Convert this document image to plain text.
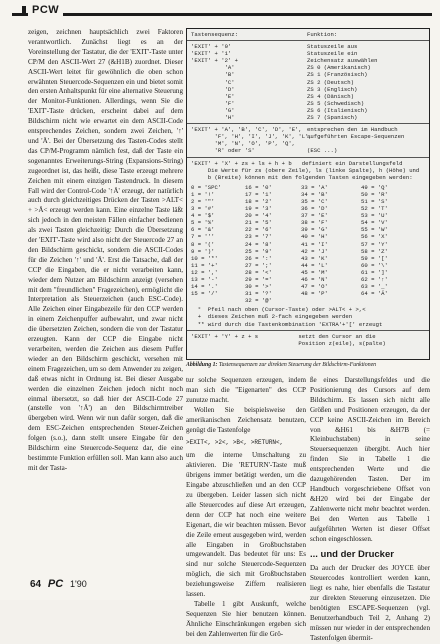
PCW

zeigen, zeichnen hauptsächlich zwei Faktoren verantwortlich. Zunächst liegt es an der Voreinstellung der Tastatur, die der 'EXIT'-Taste unter CP/M den ASCII-Wert 27 (&H1B) zuordnet. Dieser ASCII-Wert leitet für gewöhnlich die oben schon erwähnten Steuercode-Sequenzen ein und bietet somit den ersten Anhaltspunkt für eine alternative Steuerung der Monitor-Funktionen. Allerdings, wenn Sie die 'EXIT'-Taste drücken, erscheint dabei auf dem Bildschirm nicht wie erwartet ein dem ASCII-Code entsprechendes Zeichen, sondern zwei Zeichen, '↑' und 'Ä'. Bei der Übersetzung des Tasten-Codes stellt das CP/M-Programm nämlich fest, daß der Taste ein sogenanntes Erweiterungs-String (Expansions-String) zugeordnet ist, das heißt, diese Taste erzeugt mehrere Zeichen mit einem einzigen Tastendruck. In diesem Fall wird der Control-Code '↑Ä' erzeugt, der natürlich auch durch gleichzeitiges Drücken der Tasten >ALT< + >Ä< erzeugt werden kann. Eine einzelne Taste läßt sich jedoch in den meisten Fällen einfacher bedienen als zwei Tasten gleichzeitig: Durch die Übersetzung der 'EXIT'-Taste wird also nicht der Steuercode 27 an den Bildschirm geschickt, sondern die ASCII-Codes für die Zeichen '↑' und 'Ä'. Erst die Tatsache, daß der CCP die Eingaben, die er nicht verarbeiten kann, wieder dem Nutzer am Bildschirm anzeigt (versehen mit dem "freundlichen" Fragezeichen), ermöglicht die Interpretation als Steuerzeichen (auch ESC-Code). Alle Zeichen einer Eingabezeile für den CCP werden in einem Zeichenpuffer aufbewahrt, und zwar nicht die übersetzten Zeichen, sondern die von der Tastatur erzeugten. Kann der CCP die Eingabe nicht verarbeiten, werden die Zeichen aus diesem Puffer wieder an den Bildschirm geschickt, versehen mit einem Fragezeichen, um so dem Anwender zu zeigen, daß etwas nicht in Ordnung ist. Bei dieser Ausgabe werden die einzelnen Zeichen jedoch nicht noch einmal übersetzt, so daß hier der ASCII-Code 27 (anstelle von '↑Ä') an den Bildschirmtreiber übergeben wird. Wenn wir nun dafür sorgen, daß die dem ESC-Zeichen entsprechenden Steuer-Zeichen folgen (s.o.), dann stellt unsere Eingabe für den Bildschirm eine Steuercode-Sequenz dar, die eine bestimmte Funktion erfüllen soll. Man kann also auch mit der Tasta-

Tastensequenz:	Funktion:
'EXIT' + '0'	Statuszeile aus
'EXIT' + '1'	Statuszeile ein
'EXIT' + '2' +	Zeichensatz auswählen
'A'	ZS 0 (Amerikanisch)
'B'	ZS 1 (Französisch)
'C'	ZS 2 (Deutsch)
'D'	ZS 3 (Englisch)
'E'	ZS 4 (Dänisch)
'F'	ZS 5 (Schwedisch)
'G'	ZS 6 (Italienisch)
'H'	ZS 7 (Spanisch)
'EXIT' + 'A', 'B', 'C', 'D', 'E', entsprechen den im Handbuch
'F', 'H', 'I', 'J', 'K', 'L',
aufgeführten Escape-Sequenzen
'M', 'N', 'O', 'P', 'Q',
'R' oder 'S'	(ESC ...)
'EXIT' + 'X' + zs + ls + h + b   definiert ein Darstellungsfeld
Die Werte für zs (obere Zeile), ls (linke Spalte), h (Höhe) und
b (Breite) können mit den folgenden Tasten eingegeben werden:
0 = 'SPC'	16 = '0'	33 = 'A'	49 = 'Q'
1 = '!'	17 = '1'	34 = 'B'	50 = 'R'
2 = '"'	18 = '2'	35 = 'C'	51 = 'S'
3 = '#'	19 = '3'	36 = 'D'	52 = 'T'
4 = '$'	20 = '4'	37 = 'E'	53 = 'U'
5 = '%'	21 = '5'	38 = 'F'	54 = 'V'
6 = '&'	22 = '6'	39 = 'G'	55 = 'W'
7 = '''	23 = '7'	40 = 'H'	56 = 'X'
8 = '('	24 = '8'	41 = 'I'	57 = 'Y'
9 = ')'	25 = '9'	42 = 'J'	58 = 'Z'
10 = '*'	26 = ':'	43 = 'K'	59 = '['
11 = '+'	27 = ';'	44 = 'L'	60 = '\'
12 = ','	28 = '<'	45 = 'M'	61 = ']'
13 = '-'	29 = '='	46 = 'N'	62 = '↑'
14 = '.'	30 = '>'	47 = 'O'	63 = '_'
15 = '/'	31 = '?'	48 = 'P'	64 = 'Ä'
32 = '@'
°  Pfeil nach oben (Cursor-Taste) oder >ALT< + >,<
+  dieses Zeichen muß 2-fach eingegeben werden
** wird durch die Tastenkombination 'EXTRA'+'[' erzeugt
'EXIT' + 'Y' + z + s            setzt den Cursor an die
Position z(eile), s(palte)
Abbildung 1: Tastensequenzen zur direkten Steuerung der Bildschirm-Funktionen

tur solche Sequenzen erzeugen, indem man sich die "Eigenarten" des CCP zunutze macht.

Wollen Sie beispielsweise den amerikanischen Zeichensatz benutzen, genügt die Tastenfolge

>EXIT<, >2<, >B<, >RETURN<,

um die interne Umschaltung zu aktivieren. Die 'RETURN'-Taste muß übrigens immer betätigt werden, um die Eingabe abzuschließen und an den CCP zu übergeben. Leider lassen sich nicht alle Steuercodes auf diese Art erzeugen, denn der CCP hat noch eine weitere Eigenart, die wir beachten müssen. Bevor die Zeile erneut ausgegeben wird, werden alle Eingaben in Großbuchstaben umgewandelt. Das bedeutet für uns: Es sind nur solche Steuercode-Sequenzen möglich, die sich mit Großbuchstaben beziehungsweise Ziffern realisieren lassen.

Tabelle 1 gibt Auskunft, welche Sequenzen Sie hier benutzen können. Ähnliche Einschränkungen ergeben sich bei den Zahlenwerten für die Grö-

ße eines Darstellungsfeldes und die Positionierung des Cursors auf dem Bildschirm. Es lassen sich nicht alle Größen und Positionen erzeugen, da der CCP keine ASCII-Zeichen im Bereich von &H61 bis &H7B (= Kleinbuchstaben) in seine Steuersequenzen übergibt. Auch hier finden Sie in Tabelle 1 die entsprechenden Werte und die dazugehörenden Tasten. Der im Handbuch vorgeschriebene Offset von &H20 wird bei der Eingabe der Zahlenwerte nicht mehr beachtet werden. Bei den Werten aus Tabelle 1 aufgeführten Werten ist dieser Offset schon eingeschlossen.

... und der Drucker

Da auch der Drucker des JOYCE über Steuercodes kontrolliert werden kann, liegt es nahe, hier ebenfalls die Tastatur zur direkten Steuerung einzusetzen. Die benötigten ESCAPE-Sequenzen (vgl. Benutzerhandbuch Teil 2, Anhang 2) müssen nur wieder in der entsprechenden Tastenfolgen übermit-

64 PC 1'90
